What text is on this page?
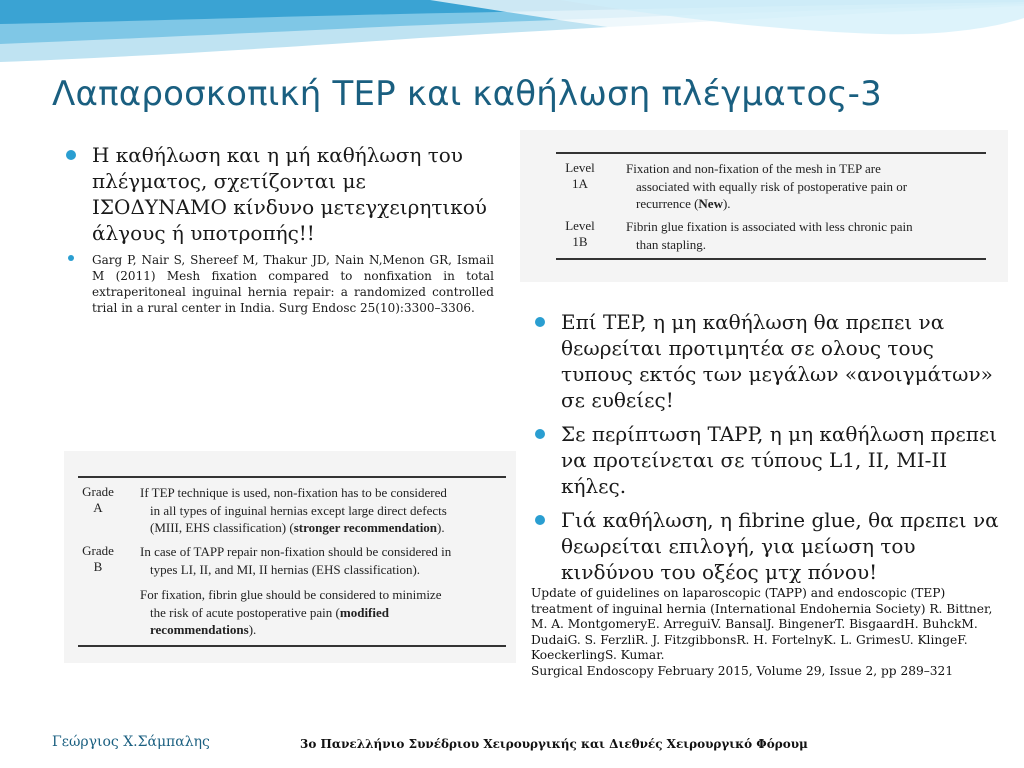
Λαπαροσκοπική TEP και καθήλωση πλέγματος-3
Η καθήλωση και η μή καθήλωση του πλέγματος, σχετίζονται με ΙΣΟΔΥΝΑΜΟ κίνδυνο μετεγχειρητικού άλγους ή υποτροπής!!
Garg P, Nair S, Shereef M, Thakur JD, Nain N,Menon GR, Ismail M (2011) Mesh fixation compared to nonfixation in total extraperitoneal inguinal hernia repair: a randomized controlled trial in a rural center in India. Surg Endosc 25(10):3300–3306.
Level
1A
Fixation and non-fixation of the mesh in TEP are
associated with equally risk of postoperative pain or
recurrence (New).
Level
1B
Fibrin glue fixation is associated with less chronic pain
than stapling.
Grade
A
If TEP technique is used, non-fixation has to be considered
in all types of inguinal hernias except large direct defects
(MIII, EHS classification) (stronger recommendation).
Grade
B
In case of TAPP repair non-fixation should be considered in
types LI, II, and MI, II hernias (EHS classification).
For fixation, fibrin glue should be considered to minimize
the risk of acute postoperative pain (modified
recommendations).
Επί TEP, η μη καθήλωση θα πρεπει να θεωρείται προτιμητέα σε ολους τους τυπους εκτός των μεγάλων «ανοιγμάτων» σε ευθείες!
Σε περίπτωση TAPP, η μη καθήλωση πρεπει να προτείνεται σε τύπους L1, II, MI-II κήλες.
Γιά καθήλωση, η fibrine glue, θα πρεπει να θεωρείται επιλογή, για μείωση του κινδύνου του οξέος μτχ πόνου!

Update of guidelines on laparoscopic (TAPP) and endoscopic (TEP) treatment of inguinal hernia (International Endohernia Society) R. Bittner, M. A. MontgomeryE. ArreguiV. BansalJ. BingenerT. BisgaardH. BuhckM. DudaiG. S. FerzliR. J. FitzgibbonsR. H. FortelnyK. L. GrimesU. KlingeF. KoeckerlingS. Kumar.

Surgical Endoscopy February 2015, Volume 29, Issue 2, pp 289–321

Γεώργιος Χ.Σάμπαλης	3ο Πανελλήνιο Συνέδριου Χειρουργικής και Διεθνές Χειρουργικό Φόρουμ
